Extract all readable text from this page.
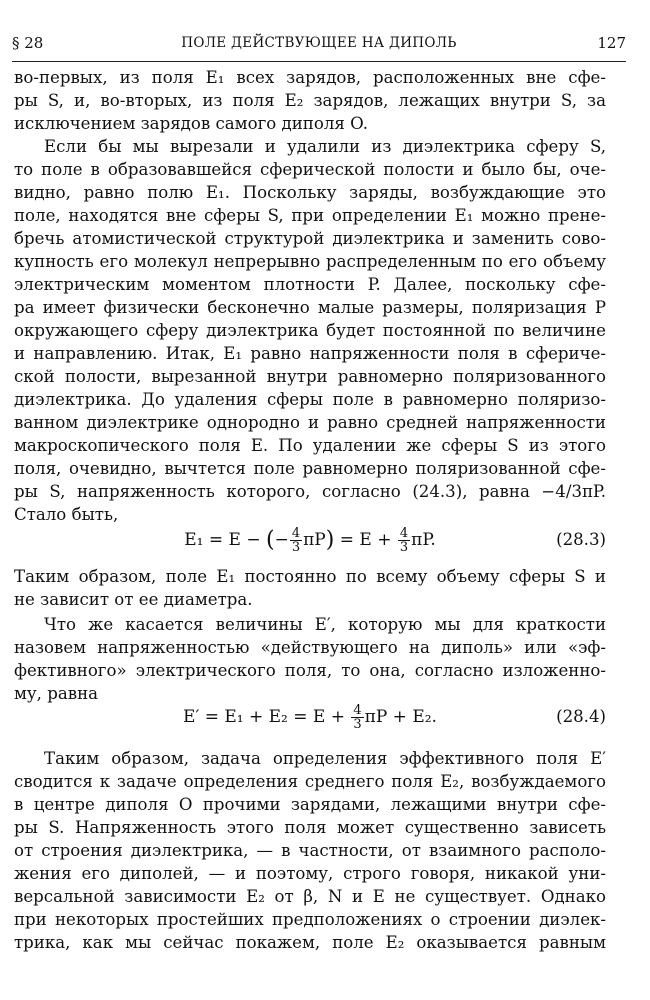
§ 28	ПОЛЕ ДЕЙСТВУЮЩЕЕ НА ДИПОЛЬ	127
во-первых, из поля E₁ всех зарядов, расположенных вне сфе-
ры S, и, во-вторых, из поля E₂ зарядов, лежащих внутри S, за
исключением зарядов самого диполя O.
Если бы мы вырезали и удалили из диэлектрика сферу S,
то поле в образовавшейся сферической полости и было бы, оче-
видно, равно полю E₁. Поскольку заряды, возбуждающие это
поле, находятся вне сферы S, при определении E₁ можно прене-
бречь атомистической структурой диэлектрика и заменить сово-
купность его молекул непрерывно распределенным по его объему
электрическим моментом плотности P. Далее, поскольку сфе-
ра имеет физически бесконечно малые размеры, поляризация P
окружающего сферу диэлектрика будет постоянной по величине
и направлению. Итак, E₁ равно напряженности поля в сфериче-
ской полости, вырезанной внутри равномерно поляризованного
диэлектрика. До удаления сферы поле в равномерно поляризо-
ванном диэлектрике однородно и равно средней напряженности
макроскопического поля E. По удалении же сферы S из этого
поля, очевидно, вычтется поле равномерно поляризованной сфе-
ры S, напряженность которого, согласно (24.3), равна −4/3πP.
Стало быть,
E₁ = E − (− $\frac{4}{3} \pi P) = E + \frac{4}{3} \pi P$.	(28.3)
Таким образом, поле E₁ постоянно по всему объему сферы S и
не зависит от ее диаметра.
Что же касается величины E′, которую мы для краткости
назовем напряженностью «действующего на диполь» или «эф-
фективного» электрического поля, то она, согласно изложенно-
му, равна
$E' = E_1 + E_2 = E + \frac{4}{3}$ πP + E₂.	(28.4)
Таким образом, задача определения эффективного поля E′
сводится к задаче определения среднего поля E₂, возбуждаемого
в центре диполя O прочими зарядами, лежащими внутри сфе-
ры S. Напряженность этого поля может существенно зависеть
от строения диэлектрика, — в частности, от взаимного располо-
жения его диполей, — и поэтому, строго говоря, никакой уни-
версальной зависимости E₂ от β, N и E не существует. Однако
при некоторых простейших предположениях о строении диэлек-
трика, как мы сейчас покажем, поле E₂ оказывается равным
